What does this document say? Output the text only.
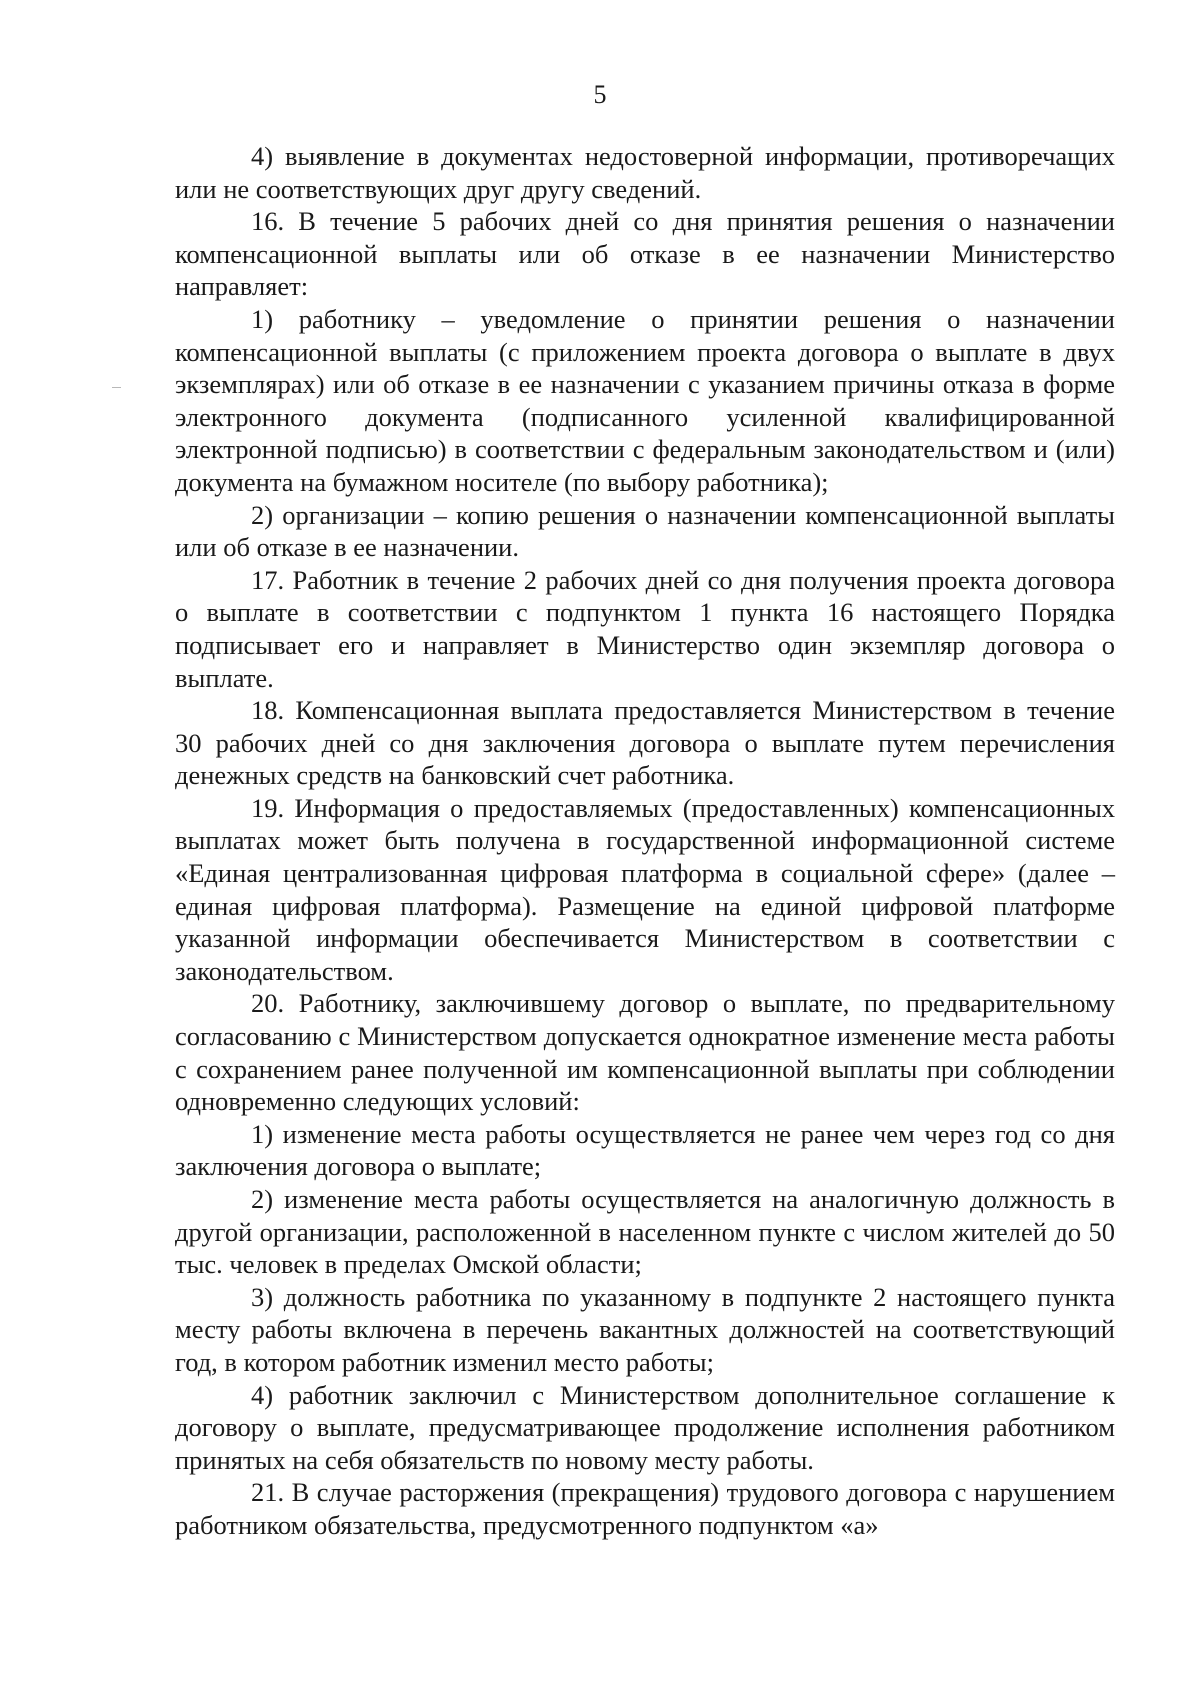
5

4) выявление в документах недостоверной информации, противоречащих или не соответствующих друг другу сведений.

16. В течение 5 рабочих дней со дня принятия решения о назначении компенсационной выплаты или об отказе в ее назначении Министерство направляет:

1) работнику – уведомление о принятии решения о назначении компенсационной выплаты (с приложением проекта договора о выплате в двух экземплярах) или об отказе в ее назначении с указанием причины отказа в форме электронного документа (подписанного усиленной квалифицированной электронной подписью) в соответствии с федеральным законодательством и (или) документа на бумажном носителе (по выбору работника);

2) организации – копию решения о назначении компенсационной выплаты или об отказе в ее назначении.

17. Работник в течение 2 рабочих дней со дня получения проекта договора о выплате в соответствии с подпунктом 1 пункта 16 настоящего Порядка подписывает его и направляет в Министерство один экземпляр договора о выплате.

18. Компенсационная выплата предоставляется Министерством в течение 30 рабочих дней со дня заключения договора о выплате путем перечисления денежных средств на банковский счет работника.

19. Информация о предоставляемых (предоставленных) компенсационных выплатах может быть получена в государственной информационной системе «Единая централизованная цифровая платформа в социальной сфере» (далее – единая цифровая платформа). Размещение на единой цифровой платформе указанной информации обеспечивается Министерством в соответствии с законодательством.

20. Работнику, заключившему договор о выплате, по предварительному согласованию с Министерством допускается однократное изменение места работы с сохранением ранее полученной им компенсационной выплаты при соблюдении одновременно следующих условий:

1) изменение места работы осуществляется не ранее чем через год со дня заключения договора о выплате;

2) изменение места работы осуществляется на аналогичную должность в другой организации, расположенной в населенном пункте с числом жителей до 50 тыс. человек в пределах Омской области;

3) должность работника по указанному в подпункте 2 настоящего пункта месту работы включена в перечень вакантных должностей на соответствующий год, в котором работник изменил место работы;

4) работник заключил с Министерством дополнительное соглашение к договору о выплате, предусматривающее продолжение исполнения работником принятых на себя обязательств по новому месту работы.

21. В случае расторжения (прекращения) трудового договора с нарушением работником обязательства, предусмотренного подпунктом «а»
